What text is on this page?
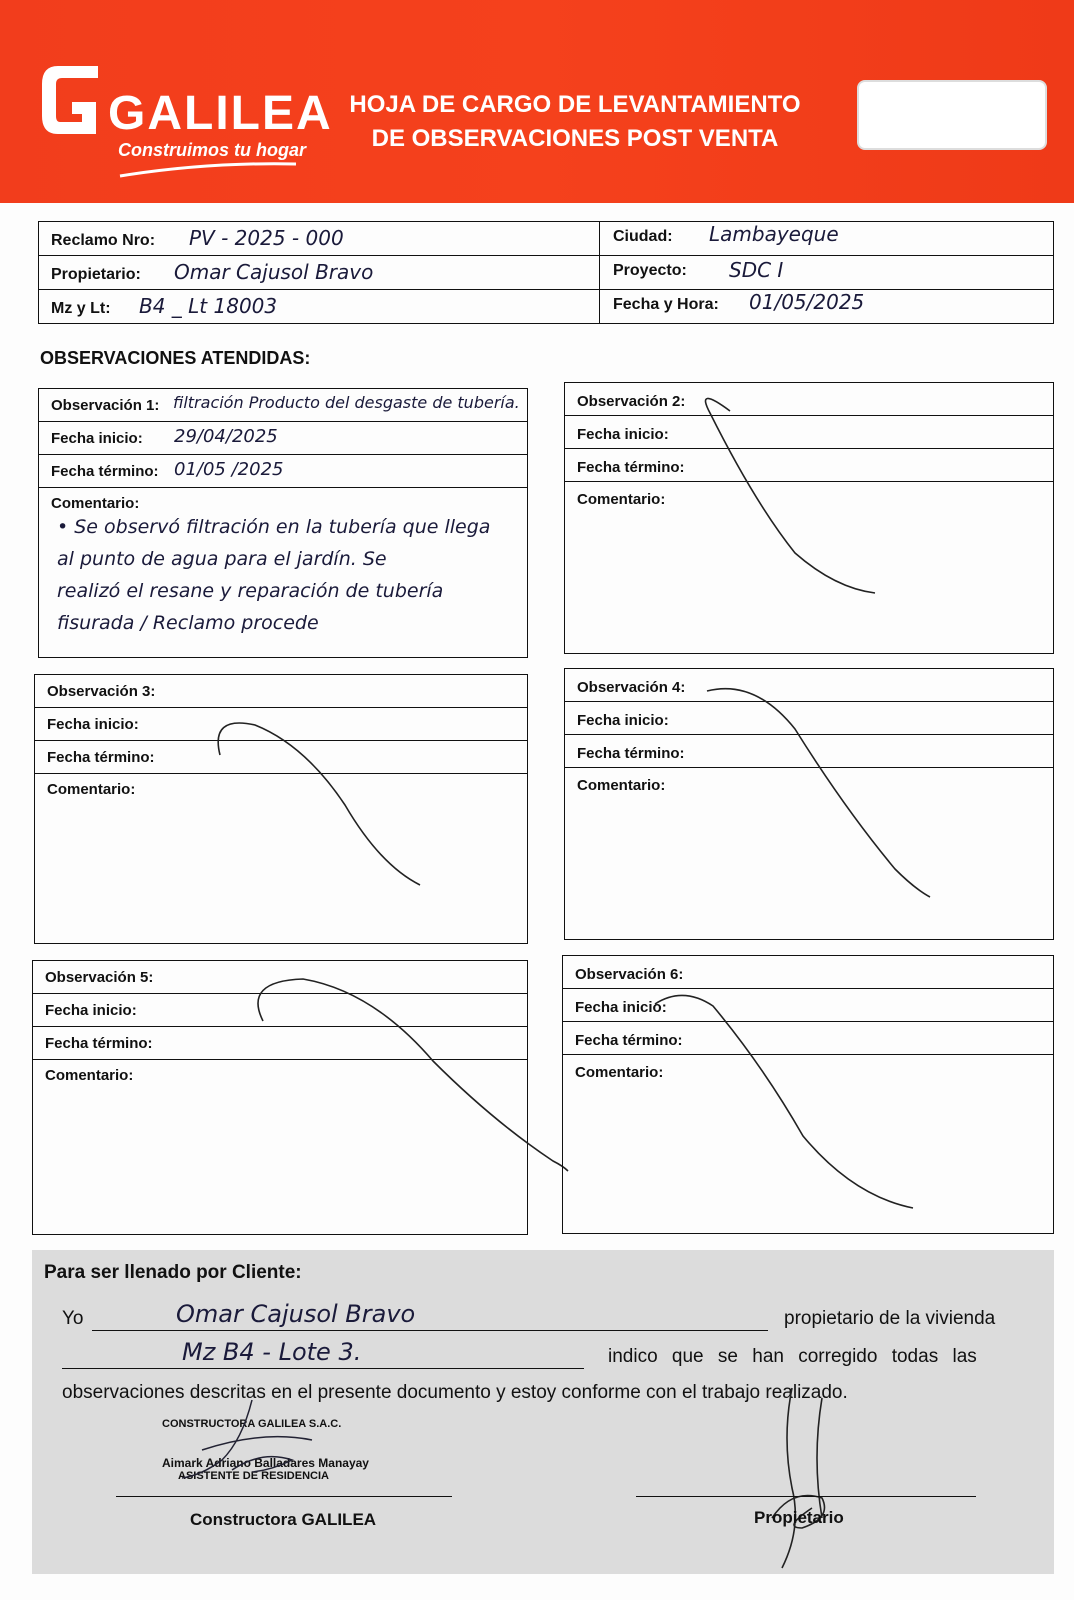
GALILEA
Construimos tu hogar
HOJA DE CARGO DE LEVANTAMIENTO
DE OBSERVACIONES POST VENTA
Reclamo Nro: PV - 2025 - 000
Propietario: Omar Cajusol Bravo
Mz y Lt: B4 _ Lt 18003
Ciudad: Lambayeque
Proyecto: SDC I
Fecha y Hora: 01/05/2025
OBSERVACIONES ATENDIDAS:
Observación 1: filtración Producto del desgaste de tubería.
Fecha inicio: 29/04/2025
Fecha término: 01/05 /2025
Comentario:
• Se observó filtración en la tubería que llega
al punto de agua para el jardín. Se
realizó el resane y reparación de tubería
fisurada / Reclamo procede
Observación 2:
Fecha inicio:
Fecha término:
Comentario:
Observación 3:
Fecha inicio:
Fecha término:
Comentario:
Observación 4:
Fecha inicio:
Fecha término:
Comentario:
Observación 5:
Fecha inicio:
Fecha término:
Comentario:
Observación 6:
Fecha inicio:
Fecha término:
Comentario:
Para ser llenado por Cliente:
Yo	Omar Cajusol Bravo	propietario de la vivienda
Mz B4 - Lote 3.	indico que se han corregido todas las
observaciones descritas en el presente documento y estoy conforme con el trabajo realizado.
CONSTRUCTORA GALILEA S.A.C.
Aimark Adriano Balladares Manayay
ASISTENTE DE RESIDENCIA
Constructora GALILEA	Propietario
